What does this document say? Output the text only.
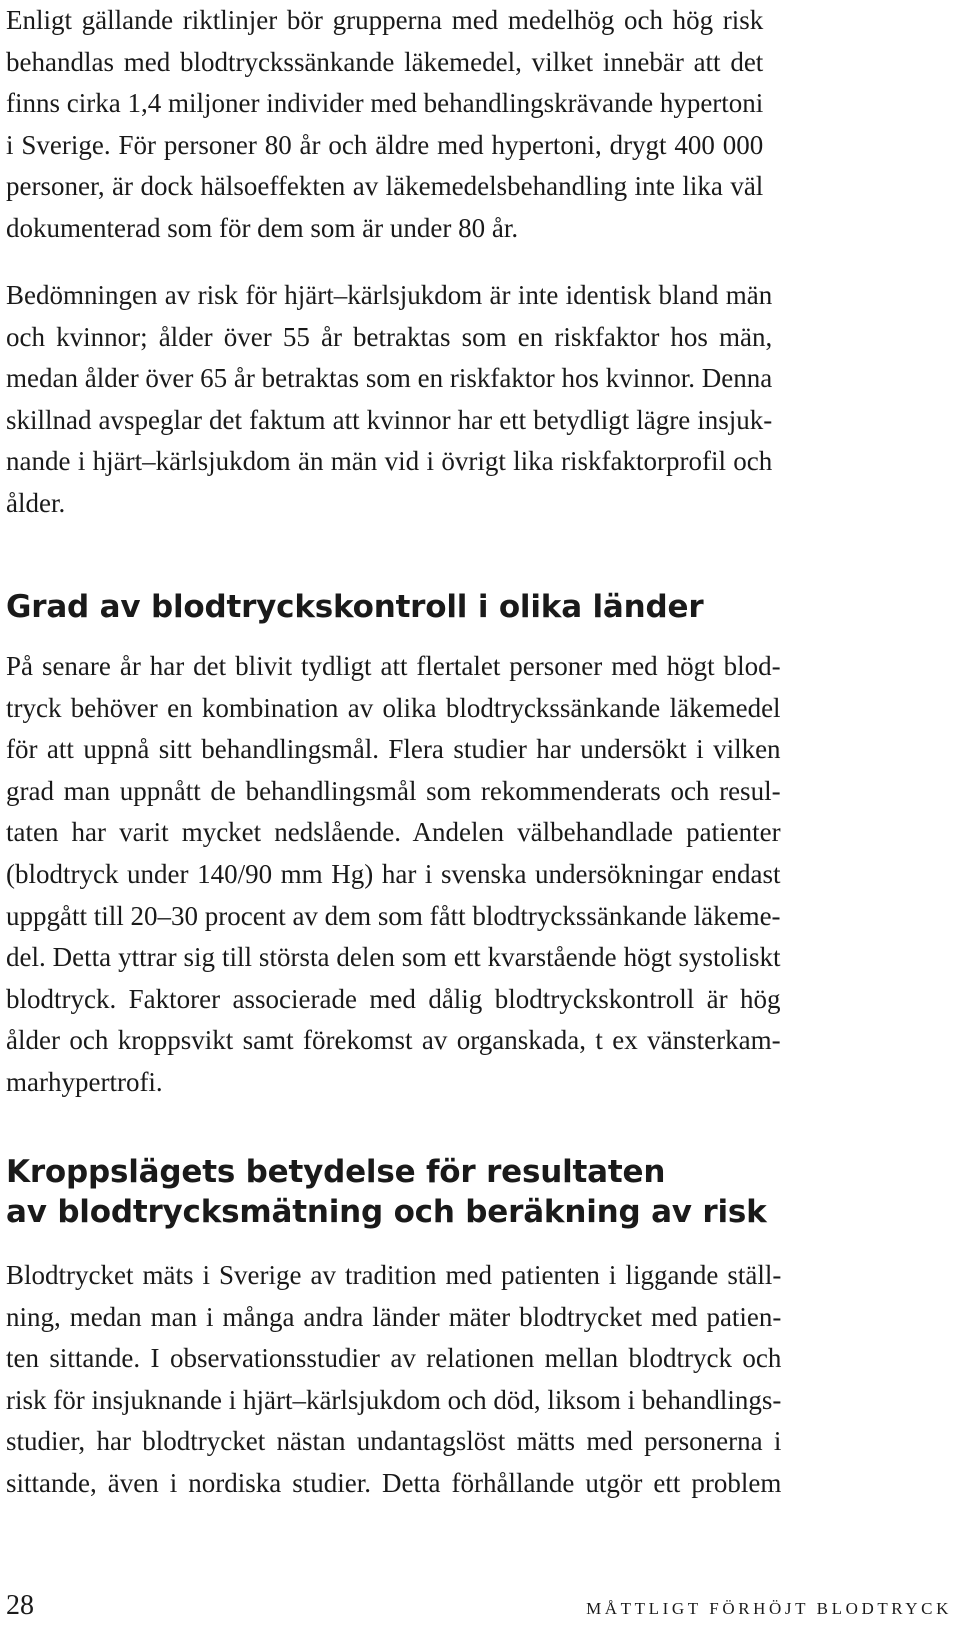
Enligt gällande riktlinjer bör grupperna med medelhög och hög risk
behandlas med blodtryckssänkande läkemedel, vilket innebär att det
finns cirka 1,4 miljoner individer med behandlingskrävande hypertoni
i Sverige. För personer 80 år och äldre med hypertoni, drygt 400 000
personer, är dock hälsoeffekten av läkemedelsbehandling inte lika väl
dokumenterad som för dem som är under 80 år.
Bedömningen av risk för hjärt–kärlsjukdom är inte identisk bland män
och kvinnor; ålder över 55 år betraktas som en riskfaktor hos män,
medan ålder över 65 år betraktas som en riskfaktor hos kvinnor. Denna
skillnad avspeglar det faktum att kvinnor har ett betydligt lägre insjuk-
nande i hjärt–kärlsjukdom än män vid i övrigt lika riskfaktorprofil och
ålder.
Grad av blodtryckskontroll i olika länder
På senare år har det blivit tydligt att flertalet personer med högt blod-
tryck behöver en kombination av olika blodtryckssänkande läkemedel
för att uppnå sitt behandlingsmål. Flera studier har undersökt i vilken
grad man uppnått de behandlingsmål som rekommenderats och resul-
taten har varit mycket nedslående. Andelen välbehandlade patienter
(blodtryck under 140/90 mm Hg) har i svenska undersökningar endast
uppgått till 20–30 procent av dem som fått blodtryckssänkande läkeme-
del. Detta yttrar sig till största delen som ett kvarstående högt systoliskt
blodtryck. Faktorer associerade med dålig blodtryckskontroll är hög
ålder och kroppsvikt samt förekomst av organskada, t ex vänsterkam-
marhypertrofi.
Kroppslägets betydelse för resultaten
av blodtrycksmätning och beräkning av risk
Blodtrycket mäts i Sverige av tradition med patienten i liggande ställ-
ning, medan man i många andra länder mäter blodtrycket med patien-
ten sittande. I observationsstudier av relationen mellan blodtryck och
risk för insjuknande i hjärt–kärlsjukdom och död, liksom i behandlings-
studier, har blodtrycket nästan undantagslöst mätts med personerna i
sittande, även i nordiska studier. Detta förhållande utgör ett problem
28	MÅTTLIGT FÖRHÖJT BLODTRYCK
